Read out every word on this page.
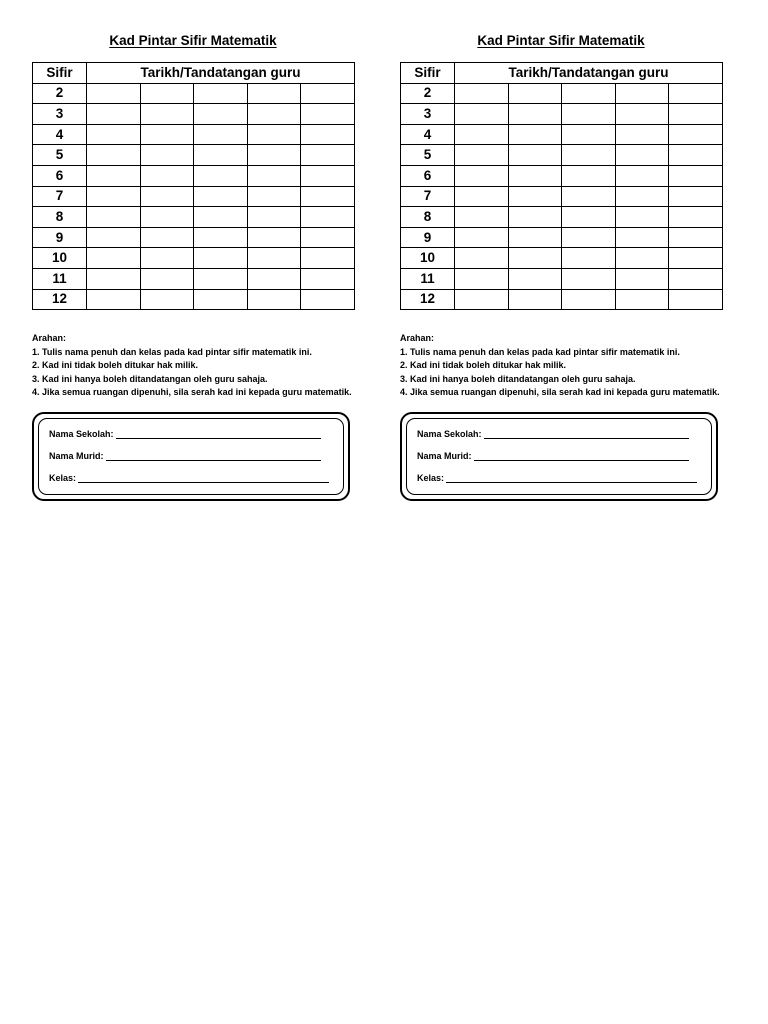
Kad Pintar Sifir Matematik
Sifir	Tarikh/Tandatangan guru				
2					
3					
4					
5					
6					
7					
8					
9					
10					
11					
12					
Arahan:
1. Tulis nama penuh dan kelas pada kad pintar sifir matematik ini.
2. Kad ini tidak boleh ditukar hak milik.
3. Kad ini hanya boleh ditandatangan oleh guru sahaja.
4. Jika semua ruangan dipenuhi, sila serah kad ini kepada guru matematik.
Nama Sekolah:
Nama Murid:
Kelas:
Kad Pintar Sifir Matematik
Sifir	Tarikh/Tandatangan guru				
2					
3					
4					
5					
6					
7					
8					
9					
10					
11					
12					
Arahan:
1. Tulis nama penuh dan kelas pada kad pintar sifir matematik ini.
2. Kad ini tidak boleh ditukar hak milik.
3. Kad ini hanya boleh ditandatangan oleh guru sahaja.
4. Jika semua ruangan dipenuhi, sila serah kad ini kepada guru matematik.
Nama Sekolah:
Nama Murid:
Kelas:
